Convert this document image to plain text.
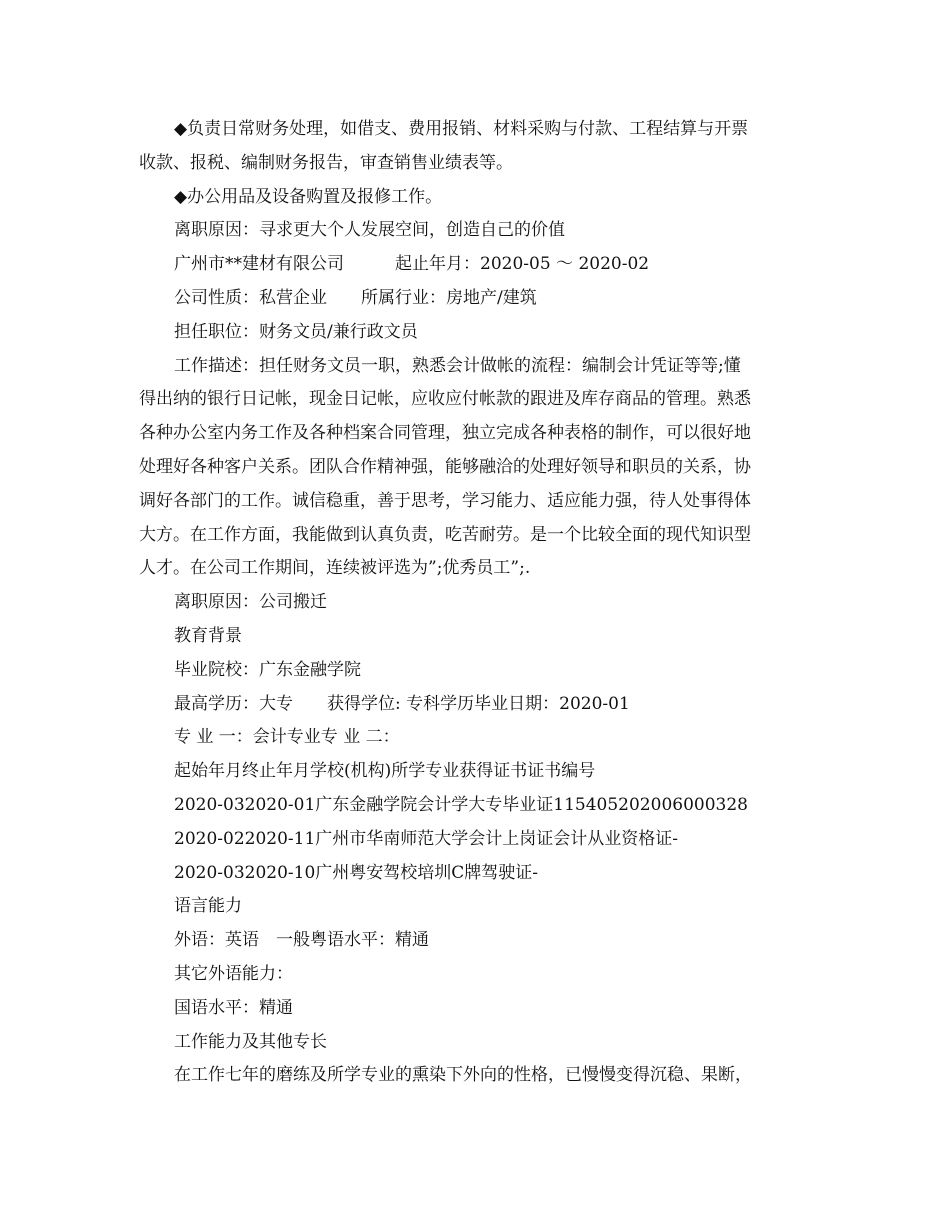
◆负责日常财务处理，如借支、费用报销、材料采购与付款、工程结算与开票
收款、报税、编制财务报告，审查销售业绩表等。
◆办公用品及设备购置及报修工作。
离职原因：寻求更大个人发展空间，创造自己的价值
广州市**建材有限公司　　　起止年月：2020-05 ～ 2020-02
公司性质：私营企业　　所属行业：房地产/建筑
担任职位：财务文员/兼行政文员
工作描述：担任财务文员一职，熟悉会计做帐的流程：编制会计凭证等等;懂
得出纳的银行日记帐，现金日记帐，应收应付帐款的跟进及库存商品的管理。熟悉
各种办公室内务工作及各种档案合同管理，独立完成各种表格的制作，可以很好地
处理好各种客户关系。团队合作精神强，能够融洽的处理好领导和职员的关系，协
调好各部门的工作。诚信稳重，善于思考，学习能力、适应能力强，待人处事得体
大方。在工作方面，我能做到认真负责，吃苦耐劳。是一个比较全面的现代知识型
人才。在公司工作期间，连续被评选为”;优秀员工”;.
离职原因：公司搬迁
教育背景
毕业院校：广东金融学院
最高学历：大专　　获得学位: 专科学历毕业日期：2020-01
专 业 一：会计专业专 业 二：
起始年月终止年月学校(机构)所学专业获得证书证书编号
2020-032020-01广东金融学院会计学大专毕业证115405202006000328
2020-022020-11广州市华南师范大学会计上岗证会计从业资格证-
2020-032020-10广州粤安驾校培圳C牌驾驶证-
语言能力
外语：英语　一般粤语水平：精通
其它外语能力：
国语水平：精通
工作能力及其他专长
在工作七年的磨练及所学专业的熏染下外向的性格，已慢慢变得沉稳、果断，
